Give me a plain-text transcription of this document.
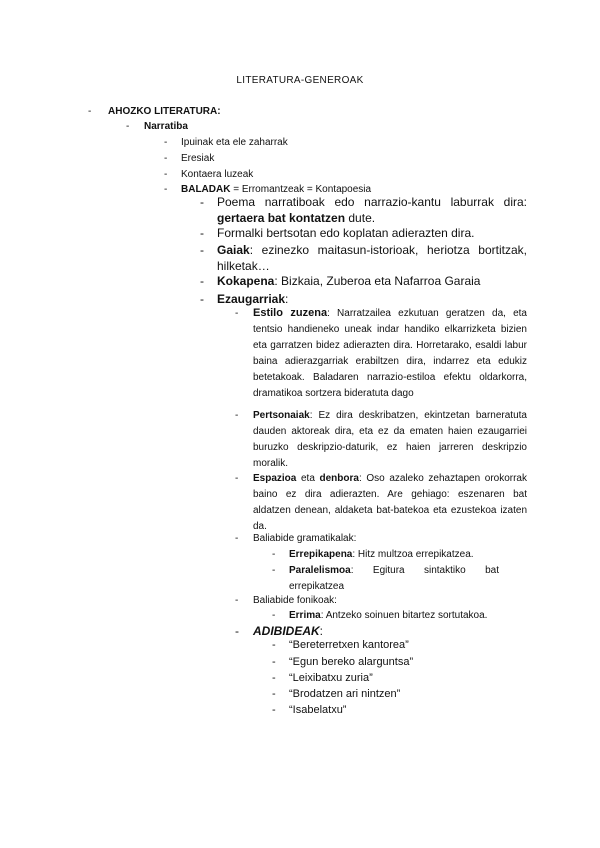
LITERATURA-GENEROAK
- AHOZKO LITERATURA:
- Narratiba
- Ipuinak eta ele zaharrak
- Eresiak
- Kontaera luzeak
- BALADAK = Erromantzeak = Kontapoesia
- Poema narratiboak edo narrazio-kantu laburrak dira: gertaera bat kontatzen dute.
- Formalki bertsotan edo koplatan adierazten dira.
- Gaiak: ezinezko maitasun-istorioak, heriotza bortitzak, hilketak…
- Kokapena: Bizkaia, Zuberoa eta Nafarroa Garaia
- Ezaugarriak:
- Estilo zuzena: Narratzailea ezkutuan geratzen da, eta tentsio handieneko uneak indar handiko elkarrizketa bizien eta garratzen bidez adierazten dira. Horretarako, esaldi labur baina adierazgarriak erabiltzen dira, indarrez eta edukiz betetakoak. Baladaren narrazio-estiloa efektu oldarkorra, dramatikoa sortzera bideratuta dago
- Pertsonaiak: Ez dira deskribatzen, ekintzetan barneratuta dauden aktoreak dira, eta ez da ematen haien ezaugarriei buruzko deskripzio-daturik, ez haien jarreren deskripzio moralik.
- Espazioa eta denbora: Oso azaleko zehaztapen orokorrak baino ez dira adierazten. Are gehiago: eszenaren bat aldatzen denean, aldaketa bat-batekoa eta ezustekoa izaten da.
- Baliabide gramatikalak:
- Errepikapena: Hitz multzoa errepikatzea.
- Paralelismoa: Egitura sintaktiko bat errepikatzea
- Baliabide fonikoak:
- Errima: Antzeko soinuen bitartez sortutakoa.
- ADIBIDEAK:
- “Bereterretxen kantorea”
- “Egun bereko alarguntsa”
- “Leixibatxu zuria”
- “Brodatzen ari nintzen”
- “Isabelatxu”
